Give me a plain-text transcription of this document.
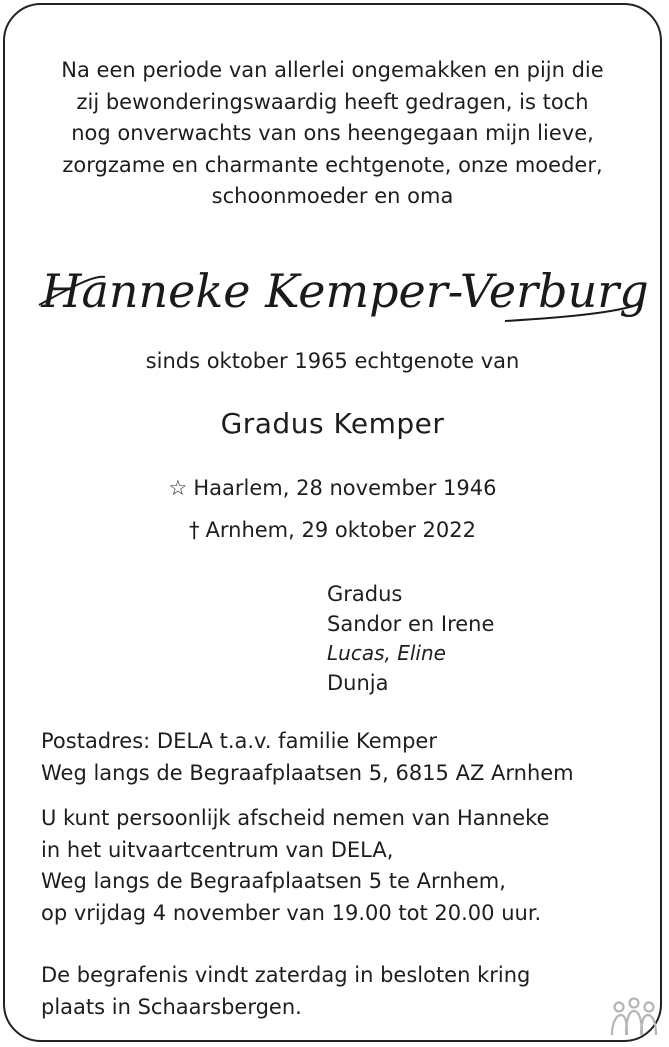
Na een periode van allerlei ongemakken en pijn die
zij bewonderingswaardig heeft gedragen, is toch
nog onverwachts van ons heengegaan mijn lieve,
zorgzame en charmante echtgenote, onze moeder,
schoonmoeder en oma
Hanneke Kemper-Verburg
sinds oktober 1965 echtgenote van
Gradus Kemper
☆ Haarlem, 28 november 1946
† Arnhem, 29 oktober 2022
Gradus
Sandor en Irene
Lucas, Eline
Dunja
Postadres: DELA t.a.v. familie Kemper
Weg langs de Begraafplaatsen 5, 6815 AZ Arnhem
U kunt persoonlijk afscheid nemen van Hanneke
in het uitvaartcentrum van DELA,
Weg langs de Begraafplaatsen 5 te Arnhem,
op vrijdag 4 november van 19.00 tot 20.00 uur.
De begrafenis vindt zaterdag in besloten kring
plaats in Schaarsbergen.
